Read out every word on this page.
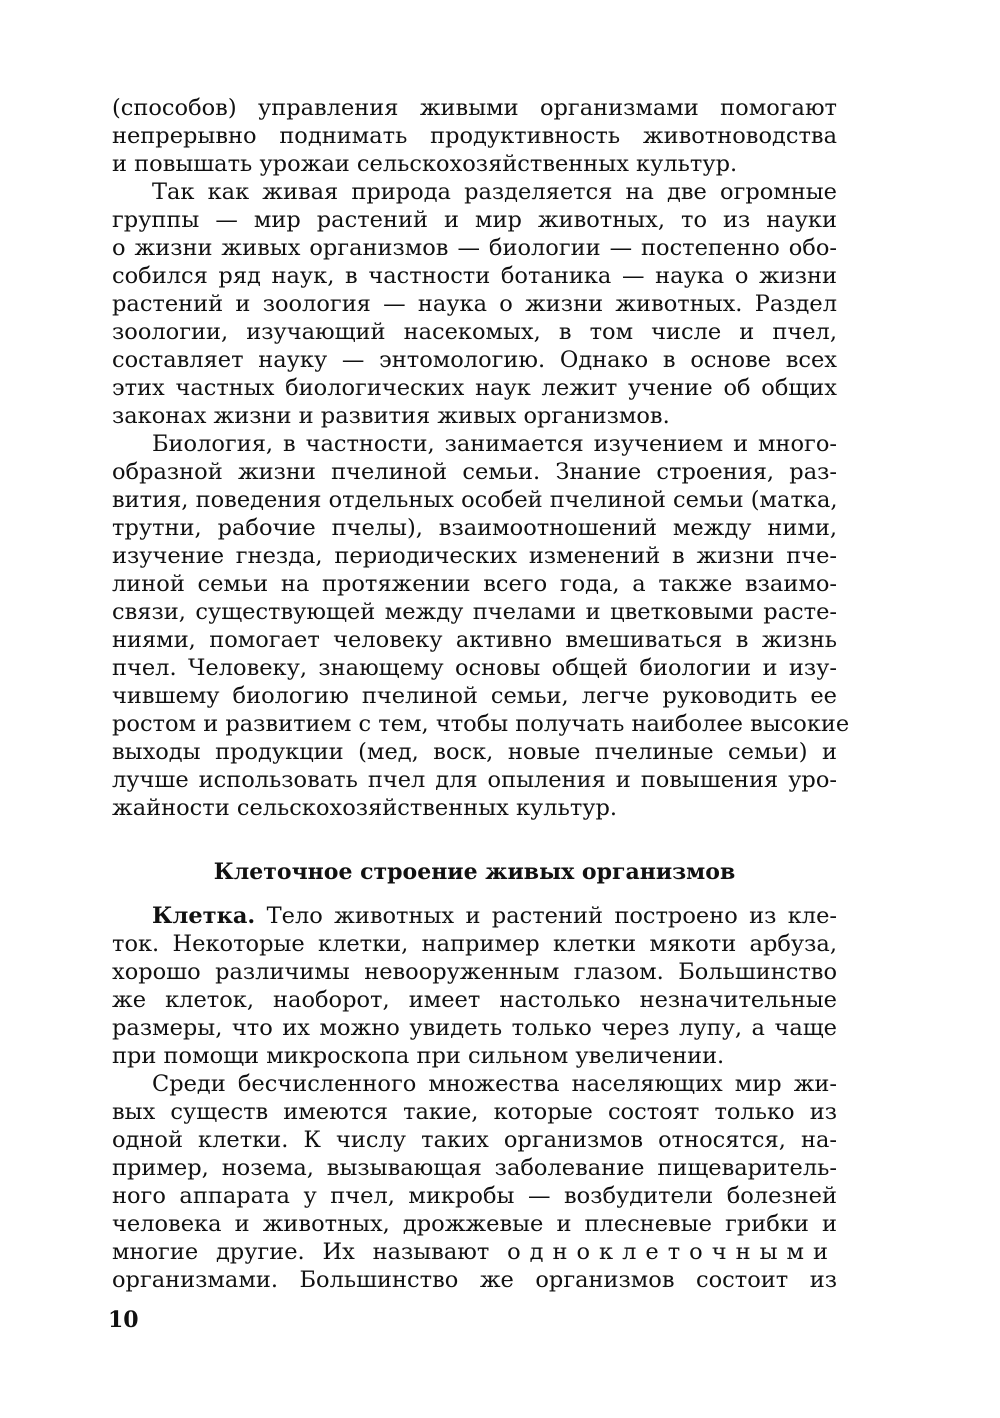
(способов) управления живыми организмами помогают
непрерывно поднимать продуктивность животноводства
и повышать урожаи сельскохозяйственных культур.
Так как живая природа разделяется на две огромные
группы — мир растений и мир животных, то из науки
о жизни живых организмов — биологии — постепенно обо-
собился ряд наук, в частности ботаника — наука о жизни
растений и зоология — наука о жизни животных. Раздел
зоологии, изучающий насекомых, в том числе и пчел,
составляет науку — энтомологию. Однако в основе всех
этих частных биологических наук лежит учение об общих
законах жизни и развития живых организмов.
Биология, в частности, занимается изучением и много-
образной жизни пчелиной семьи. Знание строения, раз-
вития, поведения отдельных особей пчелиной семьи (матка,
трутни, рабочие пчелы), взаимоотношений между ними,
изучение гнезда, периодических изменений в жизни пче-
линой семьи на протяжении всего года, а также взаимо-
связи, существующей между пчелами и цветковыми расте-
ниями, помогает человеку активно вмешиваться в жизнь
пчел. Человеку, знающему основы общей биологии и изу-
чившему биологию пчелиной семьи, легче руководить ее
ростом и развитием с тем, чтобы получать наиболее высокие
выходы продукции (мед, воск, новые пчелиные семьи) и
лучше использовать пчел для опыления и повышения уро-
жайности сельскохозяйственных культур.
Клеточное строение живых организмов
Клетка. Тело животных и растений построено из кле-
ток. Некоторые клетки, например клетки мякоти арбуза,
хорошо различимы невооруженным глазом. Большинство
же клеток, наоборот, имеет настолько незначительные
размеры, что их можно увидеть только через лупу, а чаще
при помощи микроскопа при сильном увеличении.
Среди бесчисленного множества населяющих мир жи-
вых существ имеются такие, которые состоят только из
одной клетки. К числу таких организмов относятся, на-
пример, нозема, вызывающая заболевание пищеваритель-
ного аппарата у пчел, микробы — возбудители болезней
человека и животных, дрожжевые и плесневые грибки и
многие другие. Их называют одноклеточными
организмами. Большинство же организмов состоит из
10
